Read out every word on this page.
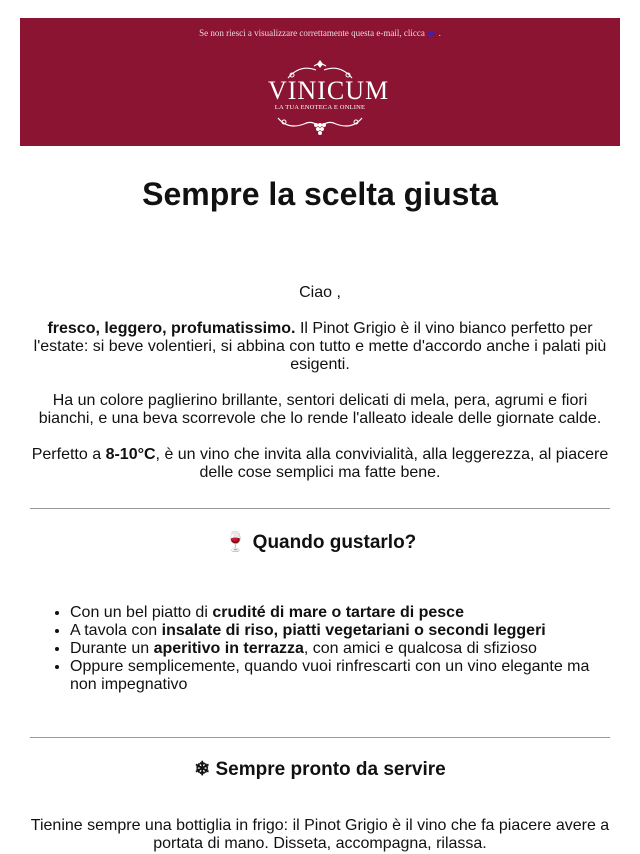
Se non riesci a visualizzare correttamente questa e-mail, clicca qui.
VINICUM
LA TUA ENOTECA E ONLINE
Sempre la scelta giusta
Ciao ,
fresco, leggero, profumatissimo. Il Pinot Grigio è il vino bianco perfetto per l'estate: si beve volentieri, si abbina con tutto e mette d'accordo anche i palati più esigenti.
Ha un colore paglierino brillante, sentori delicati di mela, pera, agrumi e fiori bianchi, e una beva scorrevole che lo rende l'alleato ideale delle giornate calde.
Perfetto a 8-10°C, è un vino che invita alla convivialità, alla leggerezza, al piacere delle cose semplici ma fatte bene.
🍷 Quando gustarlo?
• Con un bel piatto di crudité di mare o tartare di pesce
• A tavola con insalate di riso, piatti vegetariani o secondi leggeri
• Durante un aperitivo in terrazza, con amici e qualcosa di sfizioso
• Oppure semplicemente, quando vuoi rinfrescarti con un vino elegante ma non impegnativo
❄ Sempre pronto da servire
Tienine sempre una bottiglia in frigo: il Pinot Grigio è il vino che fa piacere avere a portata di mano. Disseta, accompagna, rilassa.
